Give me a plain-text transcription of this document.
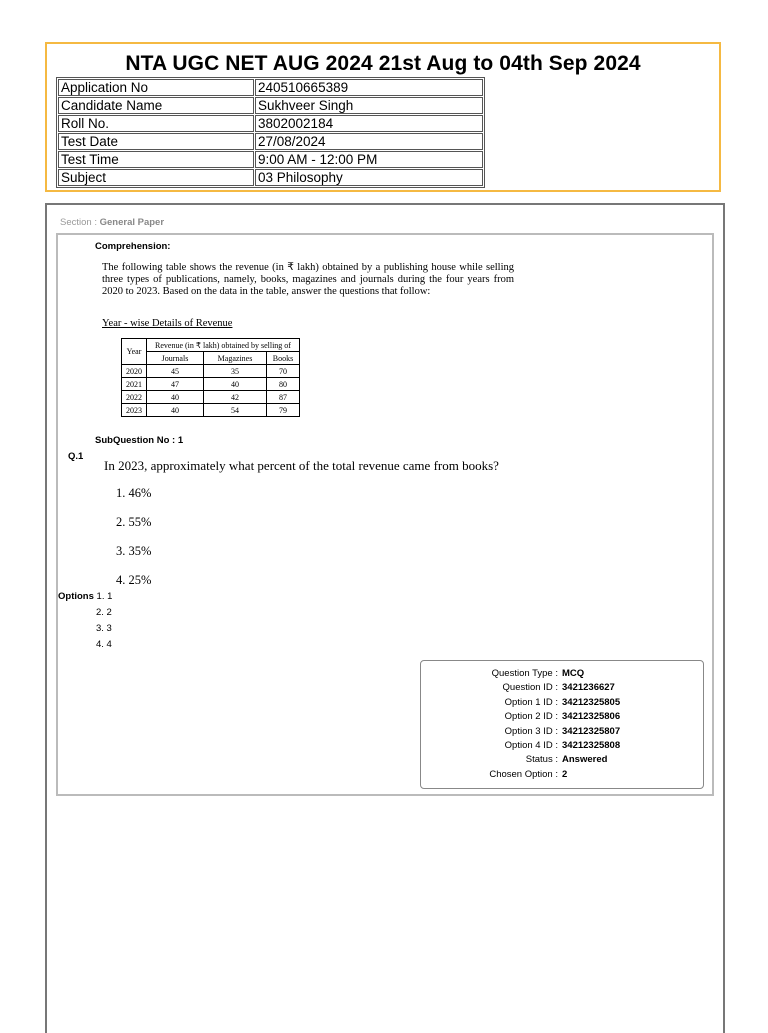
NTA UGC NET AUG 2024 21st Aug to 04th Sep 2024
Application No	240510665389
Candidate Name	Sukhveer Singh
Roll No.	3802002184
Test Date	27/08/2024
Test Time	9:00 AM - 12:00 PM
Subject	03 Philosophy
Section : General Paper
Comprehension:
The following table shows the revenue (in ₹ lakh) obtained by a publishing house while selling three types of publications, namely, books, magazines and journals during the four years from 2020 to 2023. Based on the data in the table, answer the questions that follow:
Year - wise Details of Revenue
Year	Revenue (in ₹ lakh) obtained by selling of		
	Journals	Magazines	Books
2020	45	35	70
2021	47	40	80
2022	40	42	87
2023	40	54	79
SubQuestion No : 1
Q.1
In 2023, approximately what percent of the total revenue came from books?
1. 46%
2. 55%
3. 35%
4. 25%
Options 1. 1
2. 2
3. 3
4. 4
Question Type : MCQ
Question ID : 3421236627
Option 1 ID : 34212325805
Option 2 ID : 34212325806
Option 3 ID : 34212325807
Option 4 ID : 34212325808
Status : Answered
Chosen Option : 2
